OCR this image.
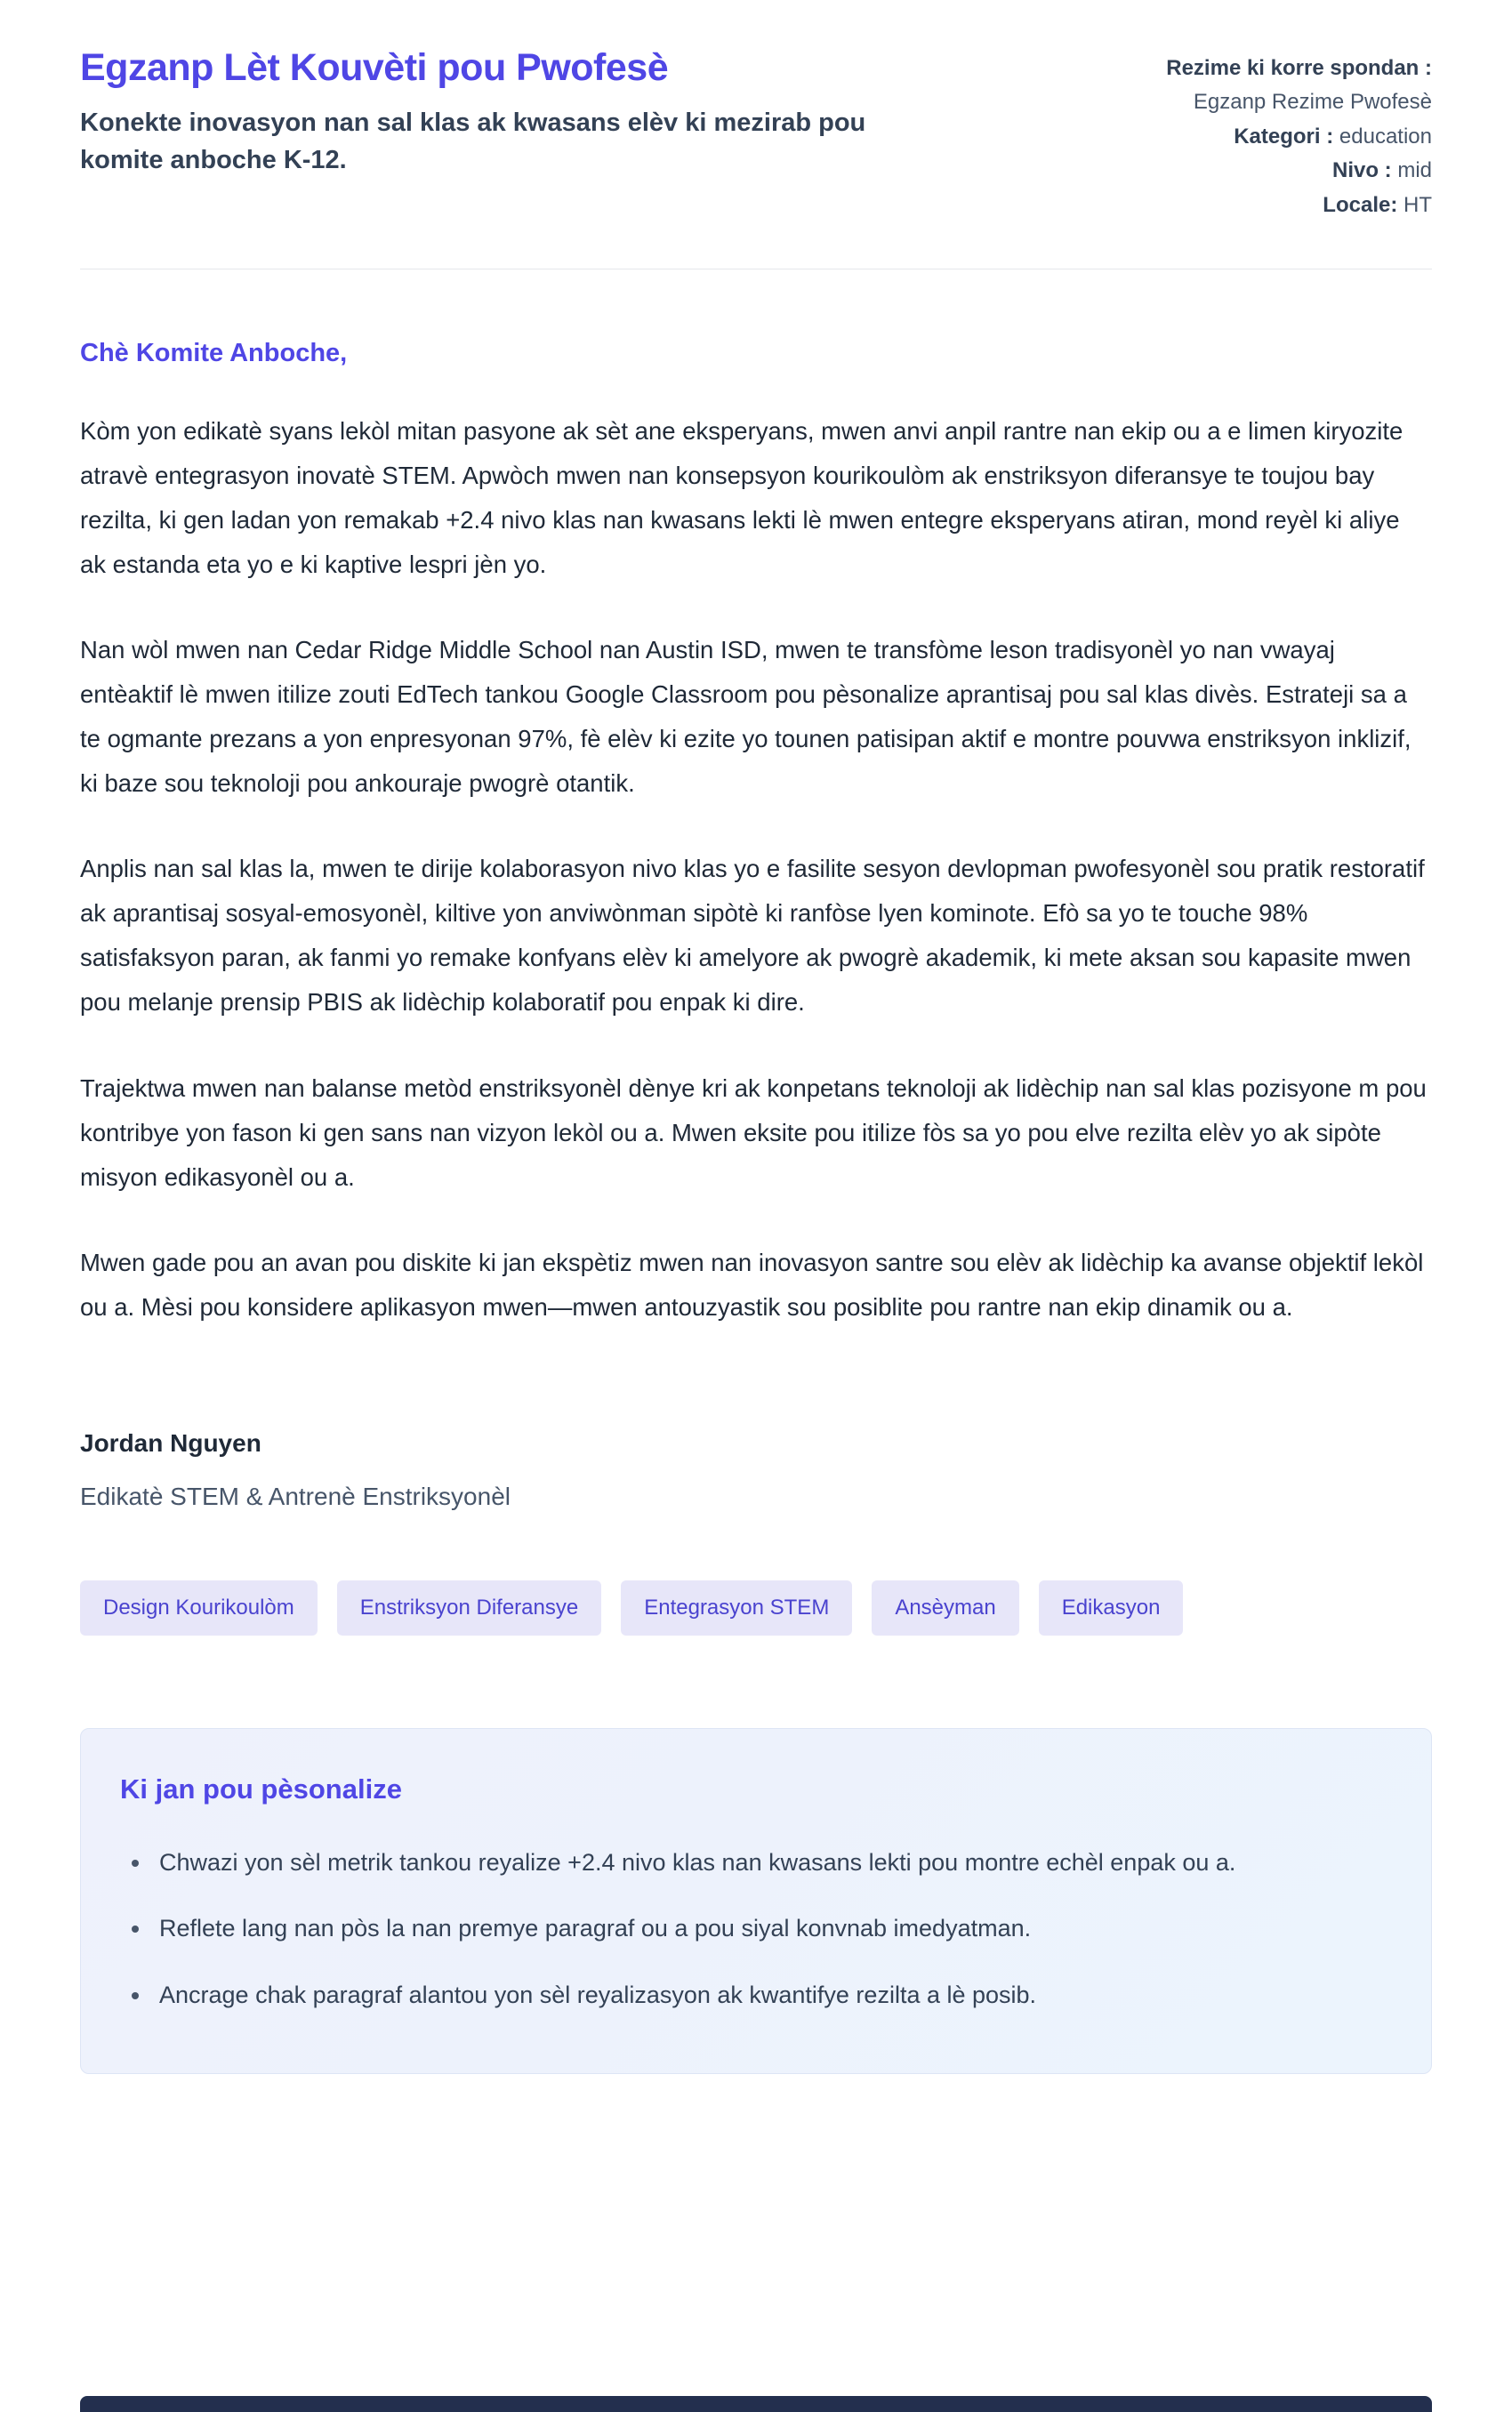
Egzanp Lèt Kouvèti pou Pwofesè
Konekte inovasyon nan sal klas ak kwasans elèv ki mezirab pou komite anboche K-12.
Rezime ki korre spondan :
Egzanp Rezime Pwofesè
Kategori : education
Nivo : mid
Locale: HT
Chè Komite Anboche,

Kòm yon edikatè syans lekòl mitan pasyone ak sèt ane eksperyans, mwen anvi anpil rantre nan ekip ou a e limen kiryozite atravè entegrasyon inovatè STEM. Apwòch mwen nan konsepsyon kourikoulòm ak enstriksyon diferansye te toujou bay rezilta, ki gen ladan yon remakab +2.4 nivo klas nan kwasans lekti lè mwen entegre eksperyans atiran, mond reyèl ki aliye ak estanda eta yo e ki kaptive lespri jèn yo.

Nan wòl mwen nan Cedar Ridge Middle School nan Austin ISD, mwen te transfòme leson tradisyonèl yo nan vwayaj entèaktif lè mwen itilize zouti EdTech tankou Google Classroom pou pèsonalize aprantisaj pou sal klas divès. Estrateji sa a te ogmante prezans a yon enpresyonan 97%, fè elèv ki ezite yo tounen patisipan aktif e montre pouvwa enstriksyon inklizif, ki baze sou teknoloji pou ankouraje pwogrè otantik.

Anplis nan sal klas la, mwen te dirije kolaborasyon nivo klas yo e fasilite sesyon devlopman pwofesyonèl sou pratik restoratif ak aprantisaj sosyal-emosyonèl, kiltive yon anviwònman sipòtè ki ranfòse lyen kominote. Efò sa yo te touche 98% satisfaksyon paran, ak fanmi yo remake konfyans elèv ki amelyore ak pwogrè akademik, ki mete aksan sou kapasite mwen pou melanje prensip PBIS ak lidèchip kolaboratif pou enpak ki dire.

Trajektwa mwen nan balanse metòd enstriksyonèl dènye kri ak konpetans teknoloji ak lidèchip nan sal klas pozisyone m pou kontribye yon fason ki gen sans nan vizyon lekòl ou a. Mwen eksite pou itilize fòs sa yo pou elve rezilta elèv yo ak sipòte misyon edikasyonèl ou a.

Mwen gade pou an avan pou diskite ki jan ekspètiz mwen nan inovasyon santre sou elèv ak lidèchip ka avanse objektif lekòl ou a. Mèsi pou konsidere aplikasyon mwen—mwen antouzyastik sou posiblite pou rantre nan ekip dinamik ou a.

Jordan Nguyen
Edikatè STEM & Antrenè Enstriksyonèl
Design Kourikoulòm	Enstriksyon Diferansye	Entegrasyon STEM	Ansèyman	Edikasyon
Ki jan pou pèsonalize
• Chwazi yon sèl metrik tankou reyalize +2.4 nivo klas nan kwasans lekti pou montre echèl enpak ou a.
• Reflete lang nan pòs la nan premye paragraf ou a pou siyal konvnab imedyatman.
• Ancrage chak paragraf alantou yon sèl reyalizasyon ak kwantifye rezilta a lè posib.
